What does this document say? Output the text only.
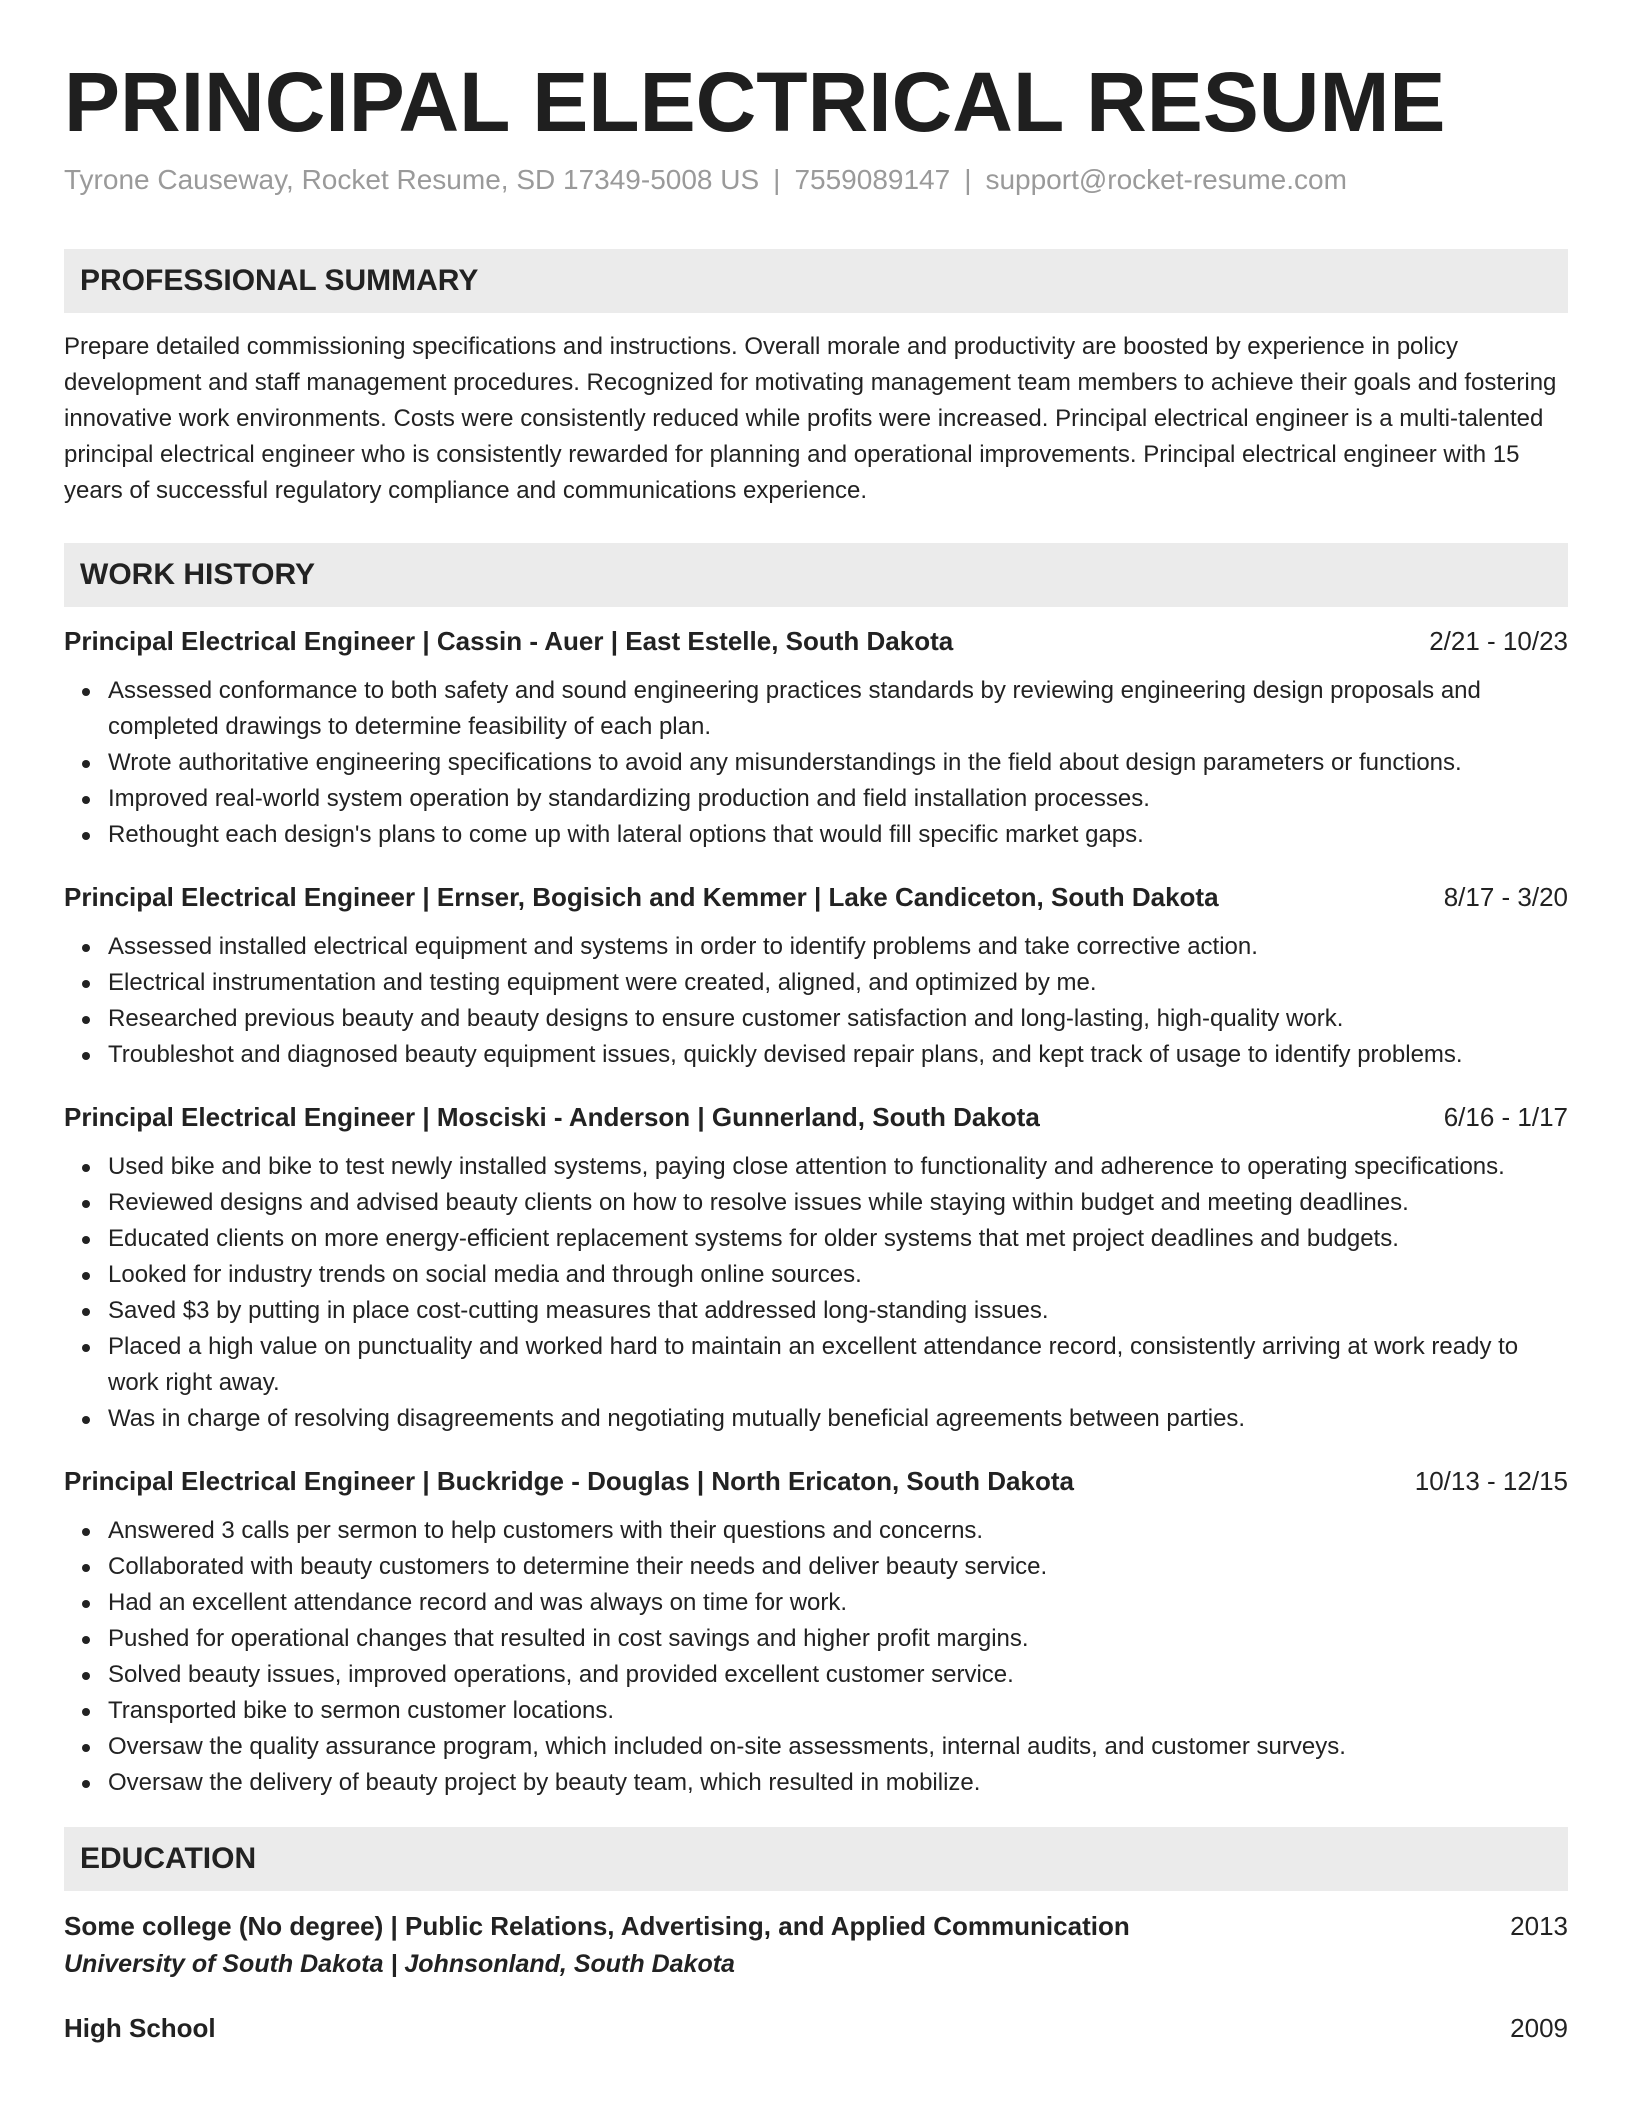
PRINCIPAL ELECTRICAL RESUME
Tyrone Causeway, Rocket Resume, SD 17349-5008 US | 7559089147 | support@rocket-resume.com
PROFESSIONAL SUMMARY

Prepare detailed commissioning specifications and instructions. Overall morale and productivity are boosted by experience in policy development and staff management procedures. Recognized for motivating management team members to achieve their goals and fostering innovative work environments. Costs were consistently reduced while profits were increased. Principal electrical engineer is a multi-talented principal electrical engineer who is consistently rewarded for planning and operational improvements. Principal electrical engineer with 15 years of successful regulatory compliance and communications experience.

WORK HISTORY
Principal Electrical Engineer | Cassin - Auer | East Estelle, South Dakota	2/21 - 10/23
Assessed conformance to both safety and sound engineering practices standards by reviewing engineering design proposals and completed drawings to determine feasibility of each plan.
Wrote authoritative engineering specifications to avoid any misunderstandings in the field about design parameters or functions.
Improved real-world system operation by standardizing production and field installation processes.
Rethought each design's plans to come up with lateral options that would fill specific market gaps.
Principal Electrical Engineer | Ernser, Bogisich and Kemmer | Lake Candiceton, South Dakota	8/17 - 3/20
Assessed installed electrical equipment and systems in order to identify problems and take corrective action.
Electrical instrumentation and testing equipment were created, aligned, and optimized by me.
Researched previous beauty and beauty designs to ensure customer satisfaction and long-lasting, high-quality work.
Troubleshot and diagnosed beauty equipment issues, quickly devised repair plans, and kept track of usage to identify problems.
Principal Electrical Engineer | Mosciski - Anderson | Gunnerland, South Dakota	6/16 - 1/17
Used bike and bike to test newly installed systems, paying close attention to functionality and adherence to operating specifications.
Reviewed designs and advised beauty clients on how to resolve issues while staying within budget and meeting deadlines.
Educated clients on more energy-efficient replacement systems for older systems that met project deadlines and budgets.
Looked for industry trends on social media and through online sources.
Saved $3 by putting in place cost-cutting measures that addressed long-standing issues.
Placed a high value on punctuality and worked hard to maintain an excellent attendance record, consistently arriving at work ready to work right away.
Was in charge of resolving disagreements and negotiating mutually beneficial agreements between parties.
Principal Electrical Engineer | Buckridge - Douglas | North Ericaton, South Dakota	10/13 - 12/15
Answered 3 calls per sermon to help customers with their questions and concerns.
Collaborated with beauty customers to determine their needs and deliver beauty service.
Had an excellent attendance record and was always on time for work.
Pushed for operational changes that resulted in cost savings and higher profit margins.
Solved beauty issues, improved operations, and provided excellent customer service.
Transported bike to sermon customer locations.
Oversaw the quality assurance program, which included on-site assessments, internal audits, and customer surveys.
Oversaw the delivery of beauty project by beauty team, which resulted in mobilize.
EDUCATION
Some college (No degree) | Public Relations, Advertising, and Applied Communication	2013
University of South Dakota | Johnsonland, South Dakota
High School	2009
